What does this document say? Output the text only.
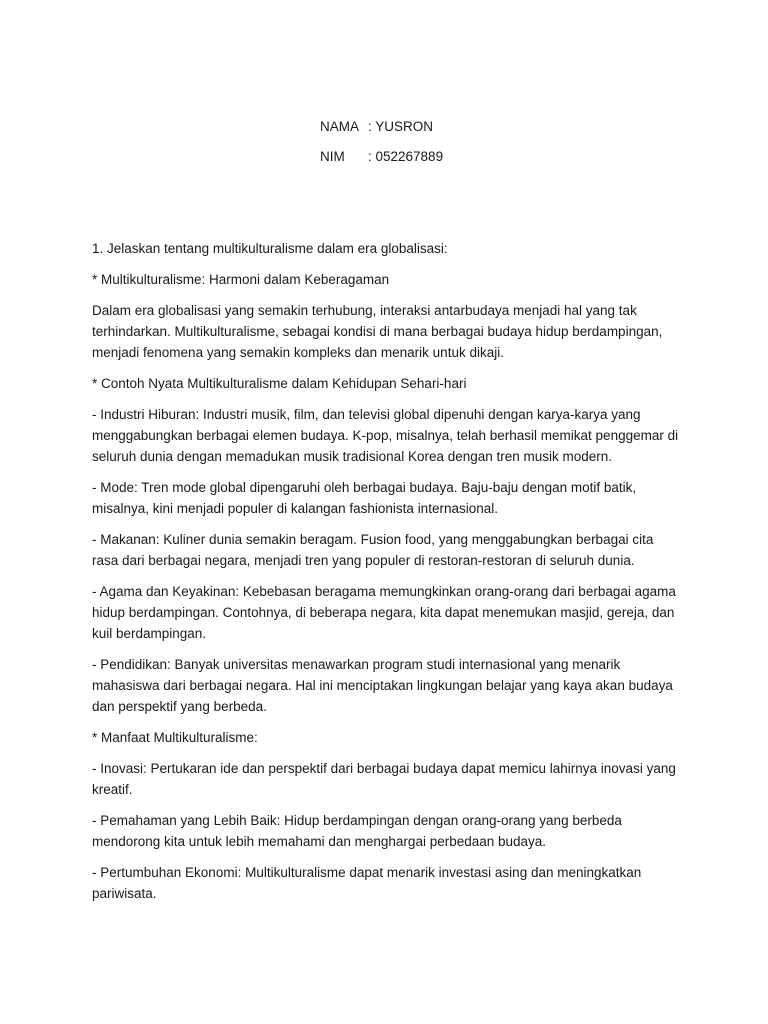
NAMA : YUSRON
NIM	: 052267889

1. Jelaskan tentang multikulturalisme dalam era globalisasi:

* Multikulturalisme: Harmoni dalam Keberagaman

Dalam era globalisasi yang semakin terhubung, interaksi antarbudaya menjadi hal yang tak terhindarkan. Multikulturalisme, sebagai kondisi di mana berbagai budaya hidup berdampingan, menjadi fenomena yang semakin kompleks dan menarik untuk dikaji.

* Contoh Nyata Multikulturalisme dalam Kehidupan Sehari-hari

- Industri Hiburan: Industri musik, film, dan televisi global dipenuhi dengan karya-karya yang menggabungkan berbagai elemen budaya. K-pop, misalnya, telah berhasil memikat penggemar di seluruh dunia dengan memadukan musik tradisional Korea dengan tren musik modern.

- Mode: Tren mode global dipengaruhi oleh berbagai budaya. Baju-baju dengan motif batik, misalnya, kini menjadi populer di kalangan fashionista internasional.

- Makanan: Kuliner dunia semakin beragam. Fusion food, yang menggabungkan berbagai cita rasa dari berbagai negara, menjadi tren yang populer di restoran-restoran di seluruh dunia.

- Agama dan Keyakinan: Kebebasan beragama memungkinkan orang-orang dari berbagai agama hidup berdampingan. Contohnya, di beberapa negara, kita dapat menemukan masjid, gereja, dan kuil berdampingan.

- Pendidikan: Banyak universitas menawarkan program studi internasional yang menarik mahasiswa dari berbagai negara. Hal ini menciptakan lingkungan belajar yang kaya akan budaya dan perspektif yang berbeda.

* Manfaat Multikulturalisme:

- Inovasi: Pertukaran ide dan perspektif dari berbagai budaya dapat memicu lahirnya inovasi yang kreatif.

- Pemahaman yang Lebih Baik: Hidup berdampingan dengan orang-orang yang berbeda mendorong kita untuk lebih memahami dan menghargai perbedaan budaya.

- Pertumbuhan Ekonomi: Multikulturalisme dapat menarik investasi asing dan meningkatkan pariwisata.
